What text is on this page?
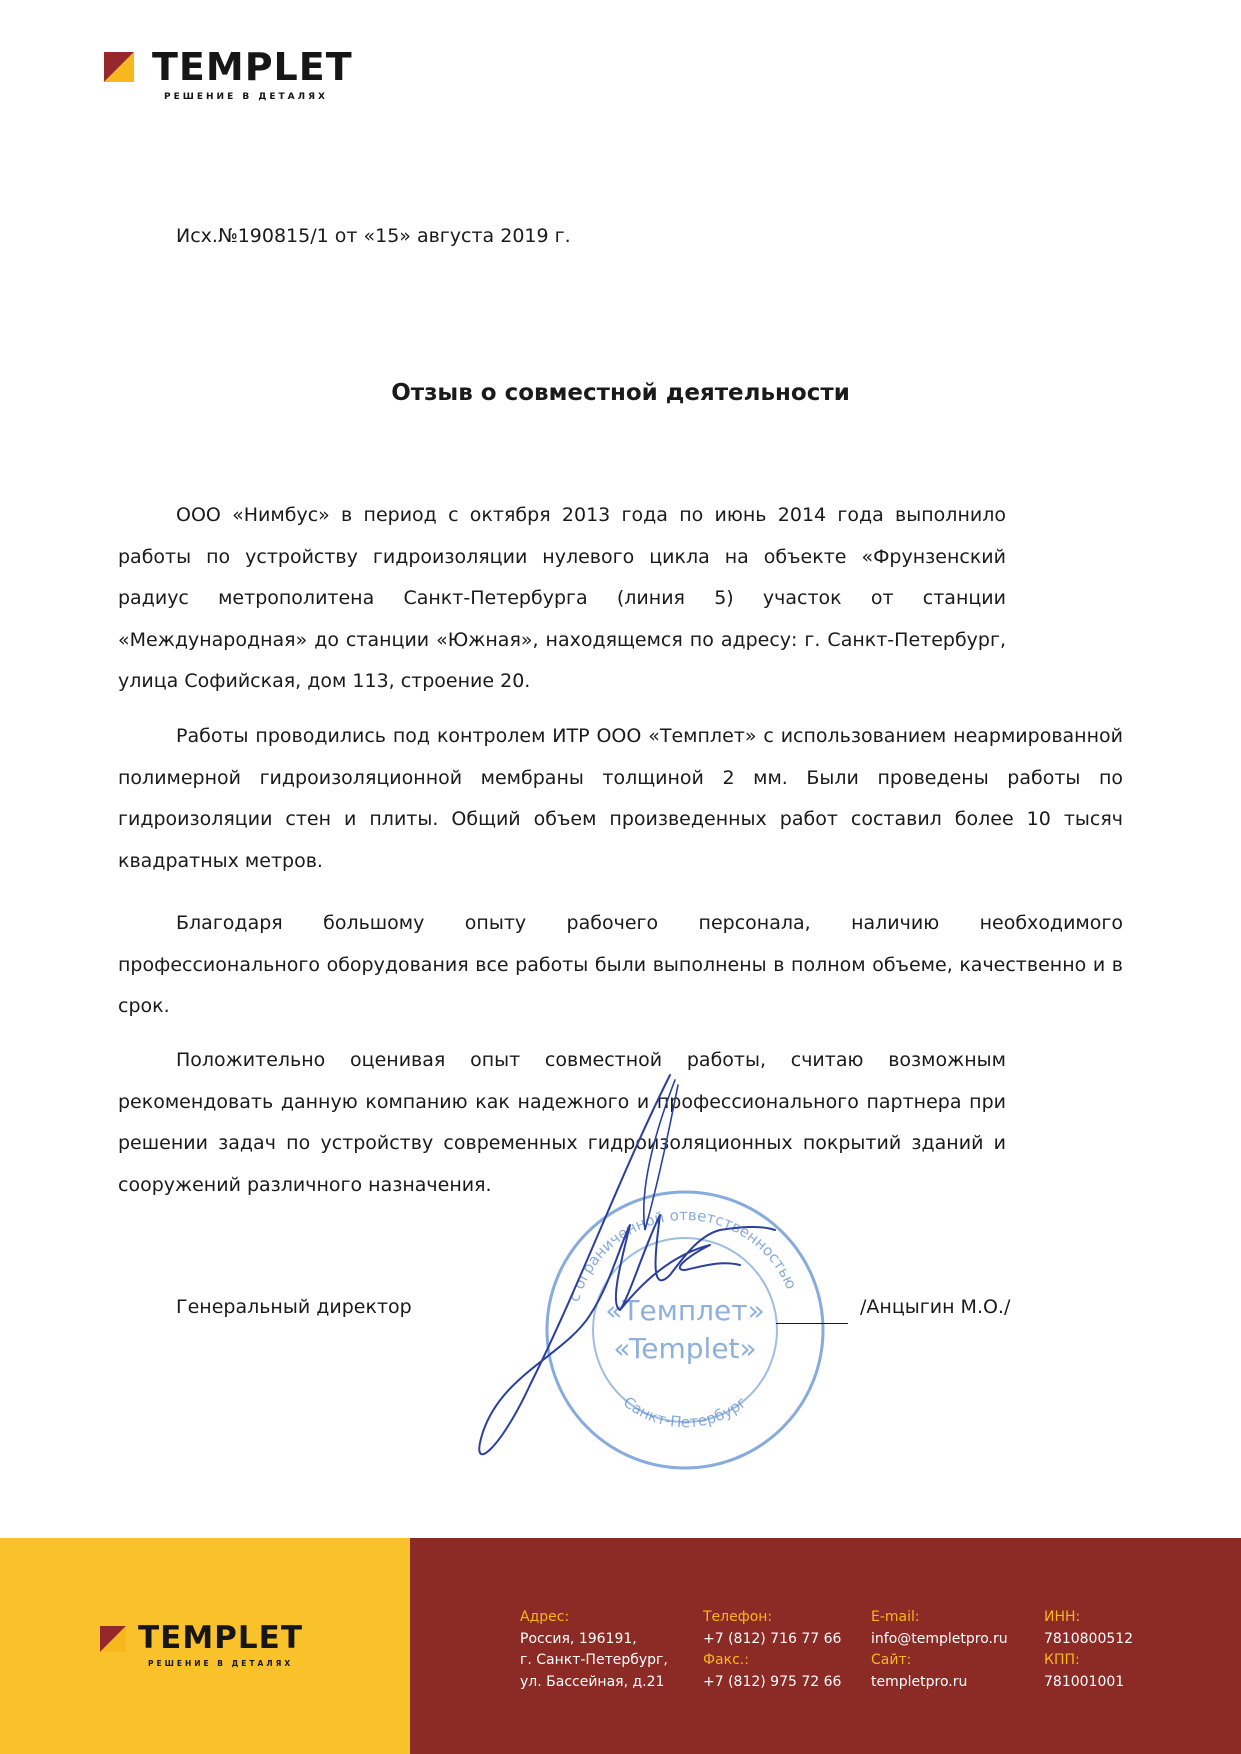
TEMPLET
РЕШЕНИЕ В ДЕТАЛЯХ
Исх.№190815/1 от «15» августа 2019 г.
Отзыв о совместной деятельности
ООО «Нимбус» в период с октября 2013 года по июнь 2014 года выполнило работы по устройству гидроизоляции нулевого цикла на объекте «Фрунзенский радиус метрополитена Санкт-Петербурга (линия 5) участок от станции «Международная» до станции «Южная», находящемся по адресу: г. Санкт-Петербург, улица Софийская, дом 113, строение 20.
Работы проводились под контролем ИТР ООО «Темплет» с использованием неармированной полимерной гидроизоляционной мембраны толщиной 2 мм. Были проведены работы по гидроизоляции стен и плиты. Общий объем произведенных работ составил более 10 тысяч квадратных метров.
Благодаря большому опыту рабочего персонала, наличию необходимого профессионального оборудования все работы были выполнены в полном объеме, качественно и в срок.
Положительно оценивая опыт совместной работы, считаю возможным рекомендовать данную компанию как надежного и профессионального партнера при решении задач по устройству современных гидроизоляционных покрытий зданий и сооружений различного назначения.
с ограниченной ответственностью
Санкт-Петербург
«Темплет»
«Templet»
Генеральный директор	/Анцыгин М.О./
TEMPLET
РЕШЕНИЕ В ДЕТАЛЯХ
Адрес:
Россия, 196191,
г. Санкт-Петербург,
ул. Бассейная, д.21
Телефон:
+7 (812) 716 77 66
Факс.:
+7 (812) 975 72 66
E-mail:
info@templetpro.ru
Сайт:
templetpro.ru
ИНН:
7810800512
КПП:
781001001
